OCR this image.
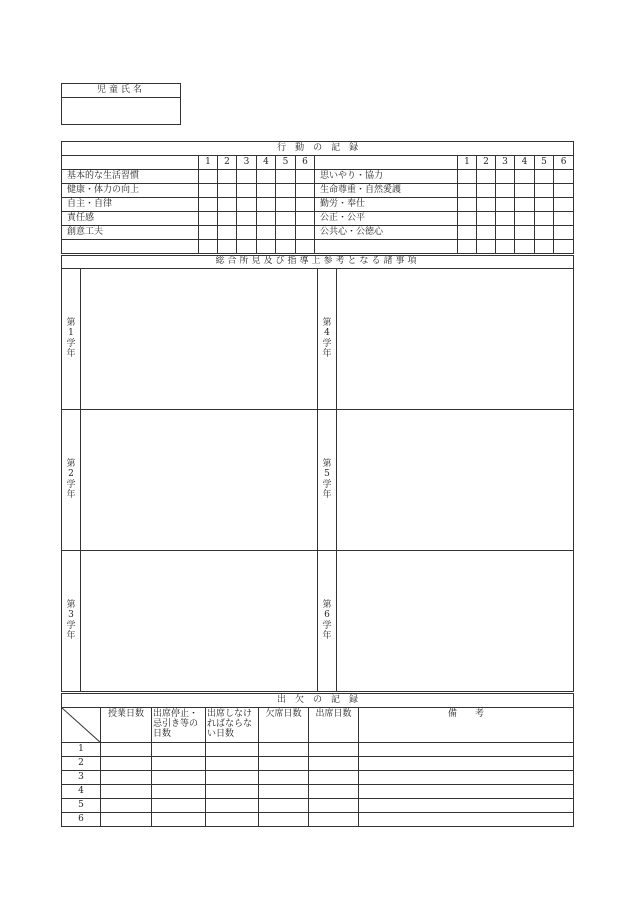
児童氏名

行　動　の　記　録													
	1	2	3	4	5	6		1	2	3	4	5	6
基本的な生活習慣							思いやり・協力						
健康・体力の向上							生命尊重・自然愛護						
自主・自律							勤労・奉仕						
責任感							公正・公平						
創意工夫							公共心・公徳心						

総合所見及び指導上参考となる諸事項			
第1学年		第4学年	
第2学年		第5学年	
第3学年		第6学年	
出　欠　の　記　録						

	授業日数	出席停止・忌引き等の日数	出席しなければならない日数	欠席日数	出席日数	備　　考
1						
2						
3						
4						
5						
6						
